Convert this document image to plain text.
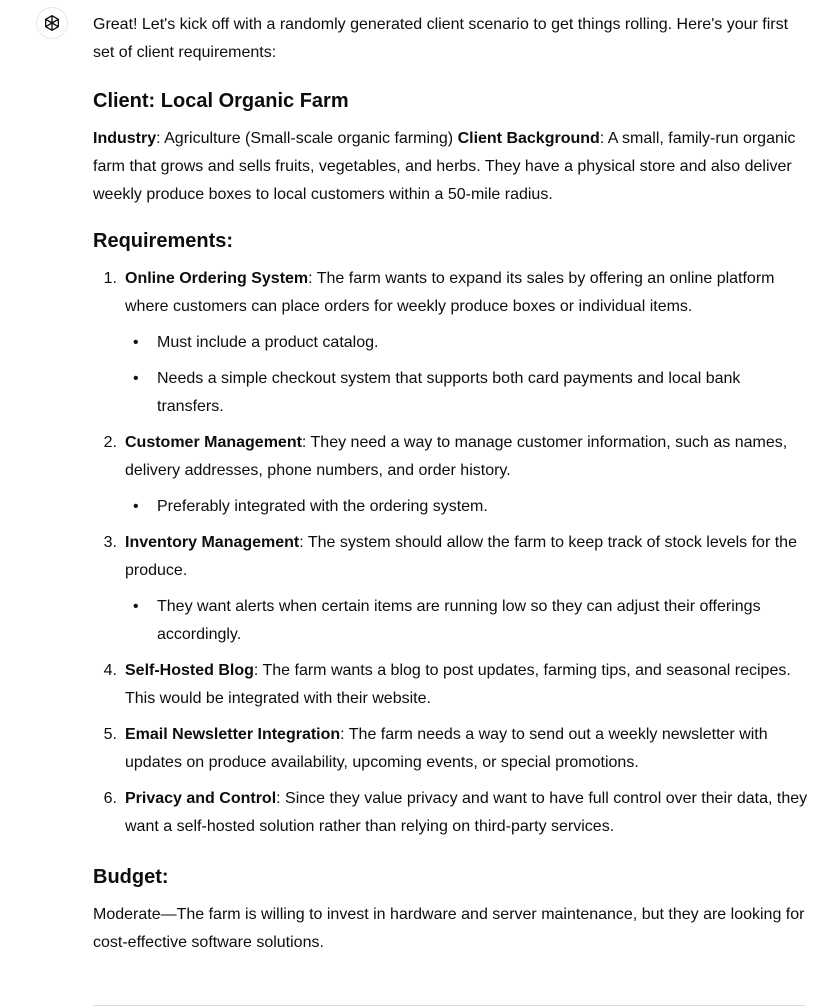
Great! Let's kick off with a randomly generated client scenario to get things rolling. Here's your first set of client requirements:

Client: Local Organic Farm

Industry: Agriculture (Small-scale organic farming) Client Background: A small, family-run organic farm that grows and sells fruits, vegetables, and herbs. They have a physical store and also deliver weekly produce boxes to local customers within a 50-mile radius.

Requirements:
1. Online Ordering System: The farm wants to expand its sales by offering an online platform where customers can place orders for weekly produce boxes or individual items.
• Must include a product catalog.
• Needs a simple checkout system that supports both card payments and local bank transfers.
2. Customer Management: They need a way to manage customer information, such as names, delivery addresses, phone numbers, and order history.
• Preferably integrated with the ordering system.
3. Inventory Management: The system should allow the farm to keep track of stock levels for the produce.
• They want alerts when certain items are running low so they can adjust their offerings accordingly.
4. Self-Hosted Blog: The farm wants a blog to post updates, farming tips, and seasonal recipes. This would be integrated with their website.
5. Email Newsletter Integration: The farm needs a way to send out a weekly newsletter with updates on produce availability, upcoming events, or special promotions.
6. Privacy and Control: Since they value privacy and want to have full control over their data, they want a self-hosted solution rather than relying on third-party services.
Budget:

Moderate—The farm is willing to invest in hardware and server maintenance, but they are looking for cost-effective software solutions.
